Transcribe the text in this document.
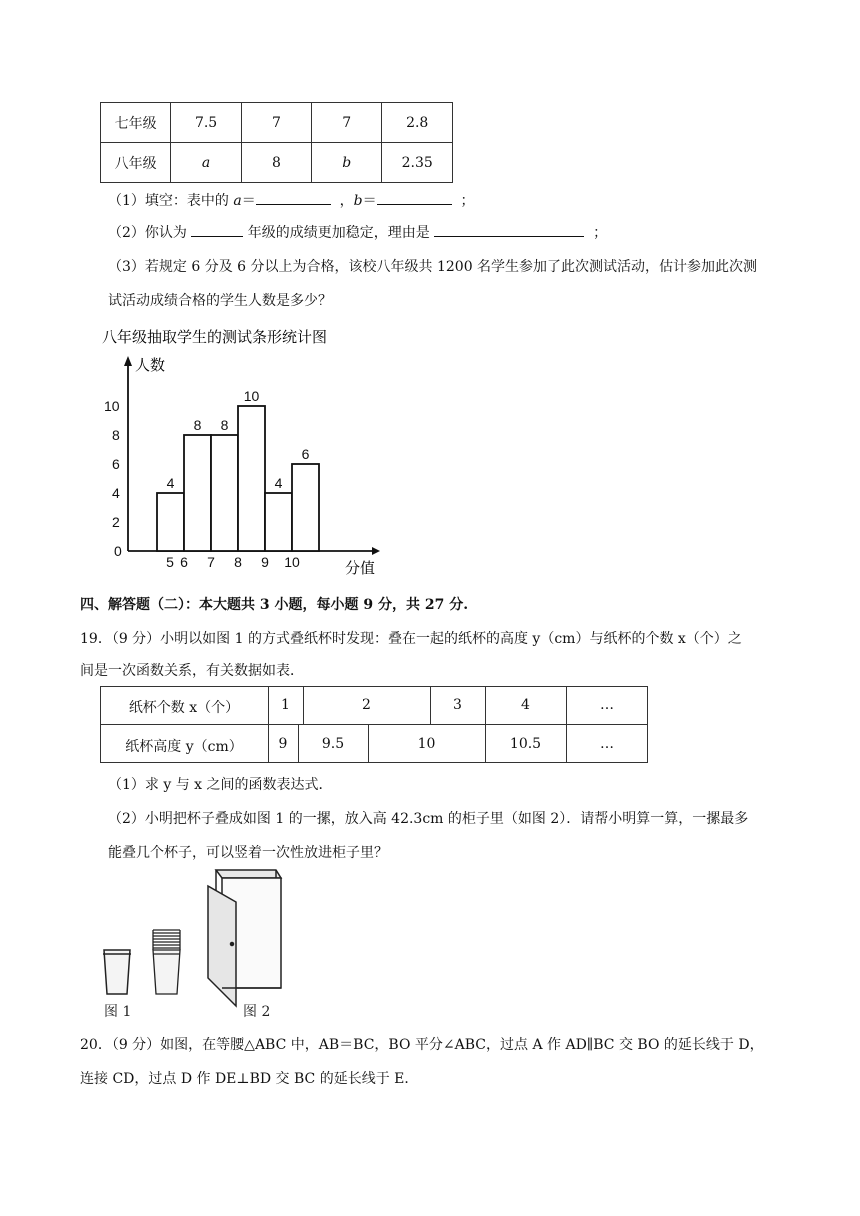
七年级	7.5	7	7	2.8
八年级	a	8	b	2.35
（1）填空：表中的 a＝	，b＝	；
（2）你认为	年级的成绩更加稳定，理由是	；
（3）若规定 6 分及 6 分以上为合格，该校八年级共 1200 名学生参加了此次测试活动，估计参加此次测
试活动成绩合格的学生人数是多少？
八年级抽取学生的测试条形统计图
人数
分值
0
2
4
6
8
10
4
5
8
6
8
7
10
8
4
9
6
10
四、解答题（二）：本大题共 3 小题，每小题 9 分，共 27 分.
19．（9 分）小明以如图 1 的方式叠纸杯时发现：叠在一起的纸杯的高度 y（cm）与纸杯的个数 x（个）之
间是一次函数关系，有关数据如表．
纸杯个数 x（个）	1	2	3	4	…
纸杯高度 y（cm）	9	9.5	10	10.5	…
（1）求 y 与 x 之间的函数表达式．
（2）小明把杯子叠成如图 1 的一摞，放入高 42.3cm 的柜子里（如图 2）．请帮小明算一算，一摞最多
能叠几个杯子，可以竖着一次性放进柜子里？
图 1	图 2
20．（9 分）如图，在等腰△ABC 中，AB＝BC，BO 平分∠ABC，过点 A 作 AD∥BC 交 BO 的延长线于 D，
连接 CD，过点 D 作 DE⊥BD 交 BC 的延长线于 E．
